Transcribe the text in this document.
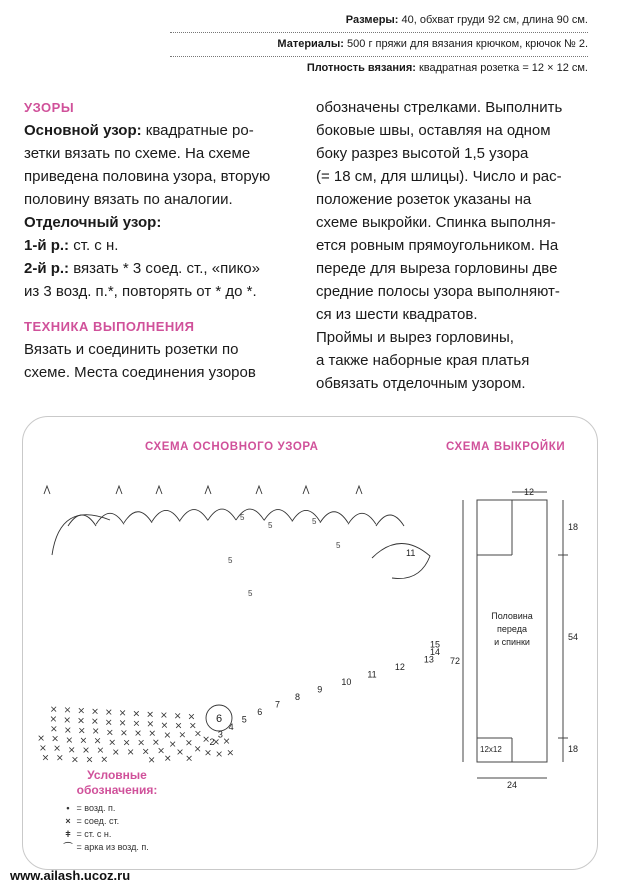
Размеры: 40, обхват груди 92 см, длина 90 см.
Материалы: 500 г пряжи для вязания крючком, крючок № 2.
Плотность вязания: квадратная розетка = 12 × 12 см.
УЗОРЫ
Основной узор: квадратные ро-
зетки вязать по схеме. На схеме
приведена половина узора, вторую
половину вязать по аналогии.
Отделочный узор:
1-й р.: ст. с н.
2-й р.: вязать * 3 соед. ст., «пико»
из 3 возд. п.*, повторять от * до *.
ТЕХНИКА ВЫПОЛНЕНИЯ
Вязать и соединить розетки по
схеме. Места соединения узоров
обозначены стрелками. Выполнить
боковые швы, оставляя на одном
боку разрез высотой 1,5 узора
(= 18 см, для шлицы). Число и рас-
положение розеток указаны на
схеме выкройки. Спинка выполня-
ется ровным прямоугольником. На
переде для выреза горловины две
средние полосы узора выполняют-
ся из шести квадратов.
Проймы и вырез горловины,
а также наборные края платья
обвязать отделочным узором.
СХЕМА ОСНОВНОГО УЗОРА	СХЕМА ВЫКРОЙКИ
6
11
5
5	5
5
5
5
2
3
4
5
6
7
8
9
10
11
12
13
14
15
12
72
18
54
18
24
12x12
Половина
переда
и спинки
Условные
обозначения:
• = возд. п.
× = соед. ст.
ǂ = ст. с н.
⌒ = арка из возд. п.
www.ailash.ucoz.ru
